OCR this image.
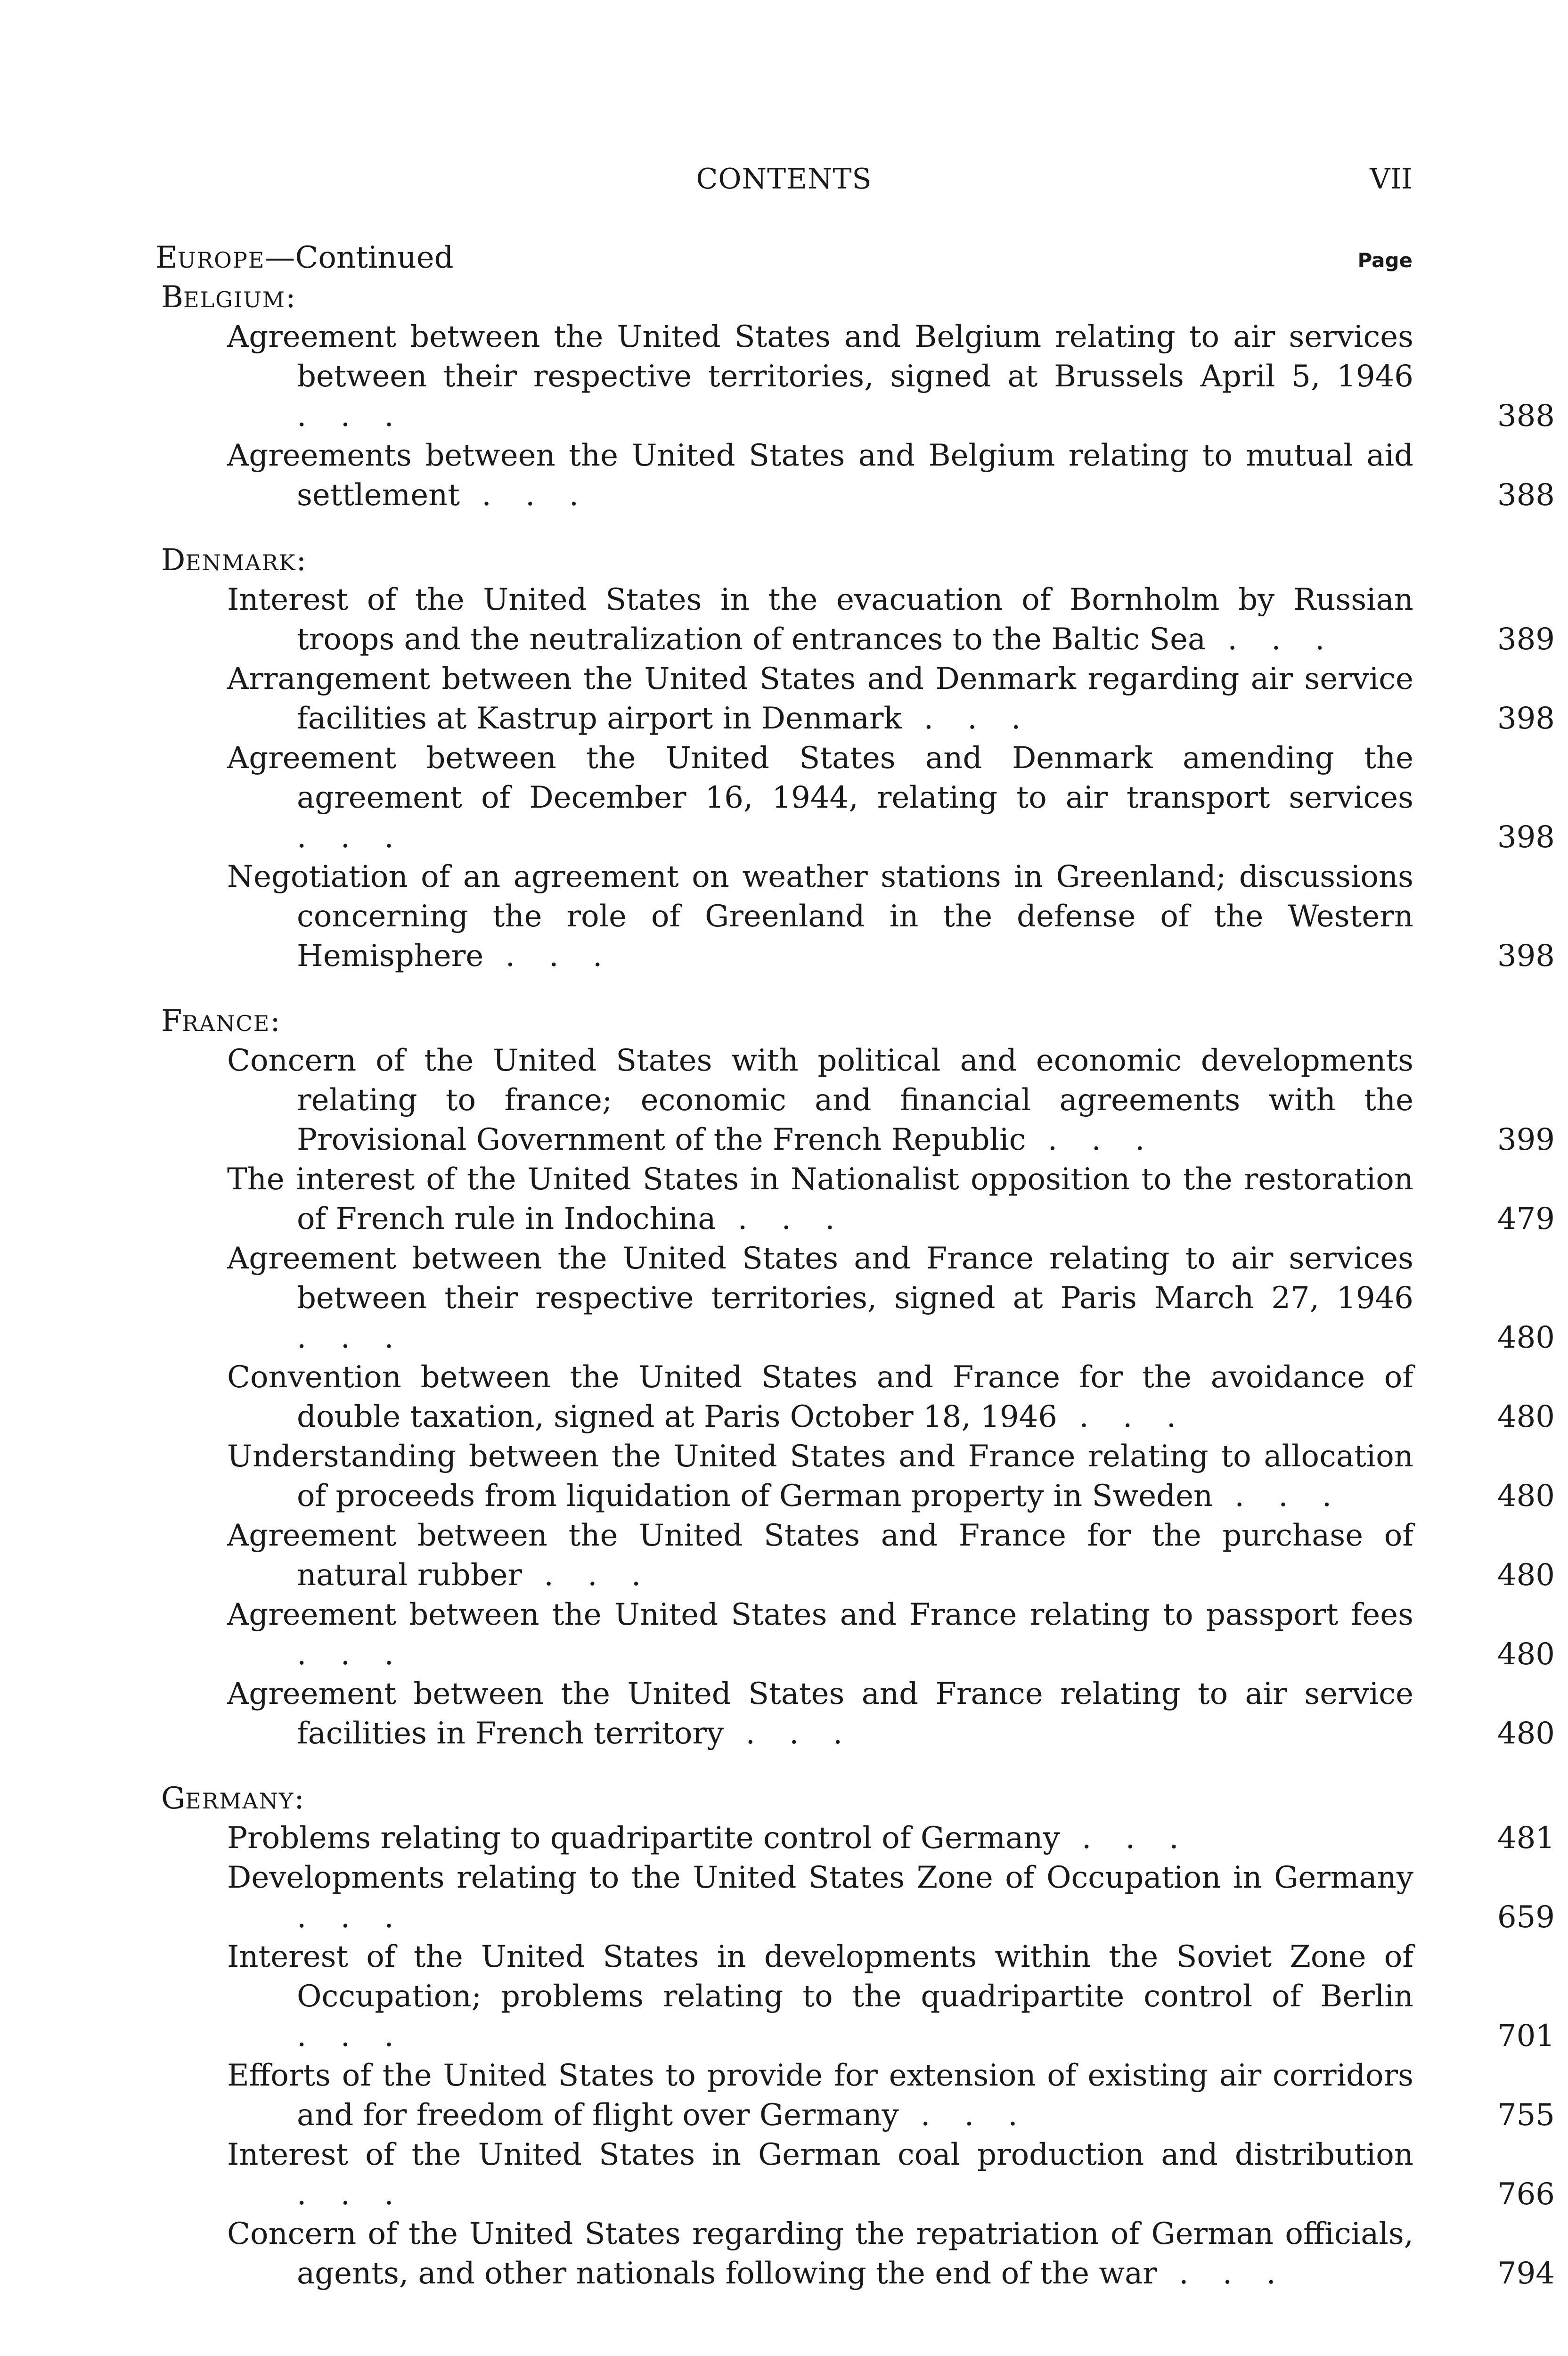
CONTENTS	VII
EUROPE—Continued	Page
BELGIUM:
Agreement between the United States and Belgium relating to air services between their respective territories, signed at Brussels April 5, 1946 . . .	388
Agreements between the United States and Belgium relating to mutual aid settlement . . .	388
DENMARK:
Interest of the United States in the evacuation of Bornholm by Russian troops and the neutralization of entrances to the Baltic Sea . . .	389
Arrangement between the United States and Denmark regarding air service facilities at Kastrup airport in Denmark . . .	398
Agreement between the United States and Denmark amending the agreement of December 16, 1944, relating to air transport services . . .	398
Negotiation of an agreement on weather stations in Greenland; discussions concerning the role of Greenland in the defense of the Western Hemisphere . . .	398
FRANCE:
Concern of the United States with political and economic developments relating to france; economic and financial agreements with the Provisional Government of the French Republic . . .	399
The interest of the United States in Nationalist opposition to the restoration of French rule in Indochina . . .	479
Agreement between the United States and France relating to air services between their respective territories, signed at Paris March 27, 1946 . . .	480
Convention between the United States and France for the avoidance of double taxation, signed at Paris October 18, 1946 . . .	480
Understanding between the United States and France relating to allocation of proceeds from liquidation of German property in Sweden . . .	480
Agreement between the United States and France for the purchase of natural rubber . . .	480
Agreement between the United States and France relating to passport fees . . .	480
Agreement between the United States and France relating to air service facilities in French territory . . .	480
GERMANY:
Problems relating to quadripartite control of Germany . . .	481
Developments relating to the United States Zone of Occupation in Germany . . .	659
Interest of the United States in developments within the Soviet Zone of Occupation; problems relating to the quadripartite control of Berlin . . .	701
Efforts of the United States to provide for extension of existing air corridors and for freedom of flight over Germany . . .	755
Interest of the United States in German coal production and distribution . . .	766
Concern of the United States regarding the repatriation of German officials, agents, and other nationals following the end of the war . . .	794
